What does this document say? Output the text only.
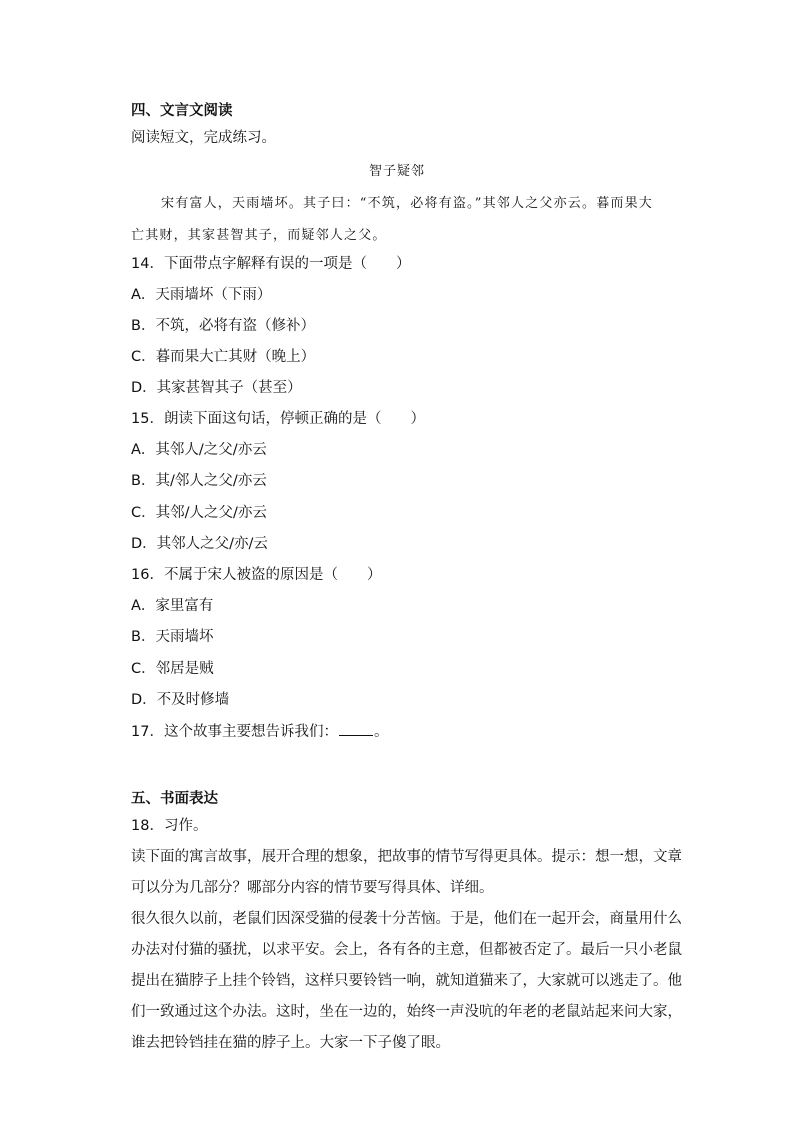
四、文言文阅读
阅读短文，完成练习。
智子疑邻
宋有富人，天雨墙坏。其子曰：“不筑，必将有盗。”其邻人之父亦云。暮而果大
亡其财，其家甚智其子，而疑邻人之父。
14．下面带点字解释有误的一项是（　　）
A．天雨墙坏（下雨）
B．不筑，必将有盗（修补）
C．暮而果大亡其财（晚上）
D．其家甚智其子（甚至）
15．朗读下面这句话，停顿正确的是（　　）
A．其邻人/之父/亦云
B．其/邻人之父/亦云
C．其邻/人之父/亦云
D．其邻人之父/亦/云
16．不属于宋人被盗的原因是（　　）
A．家里富有
B．天雨墙坏
C．邻居是贼
D．不及时修墙
17．这个故事主要想告诉我们： 。
五、书面表达
18．习作。
读下面的寓言故事，展开合理的想象，把故事的情节写得更具体。提示：想一想，文章
可以分为几部分？哪部分内容的情节要写得具体、详细。
很久很久以前，老鼠们因深受猫的侵袭十分苦恼。于是，他们在一起开会，商量用什么
办法对付猫的骚扰，以求平安。会上，各有各的主意，但都被否定了。最后一只小老鼠
提出在猫脖子上挂个铃铛，这样只要铃铛一响，就知道猫来了，大家就可以逃走了。他
们一致通过这个办法。这时，坐在一边的，始终一声没吭的年老的老鼠站起来问大家，
谁去把铃铛挂在猫的脖子上。大家一下子傻了眼。
